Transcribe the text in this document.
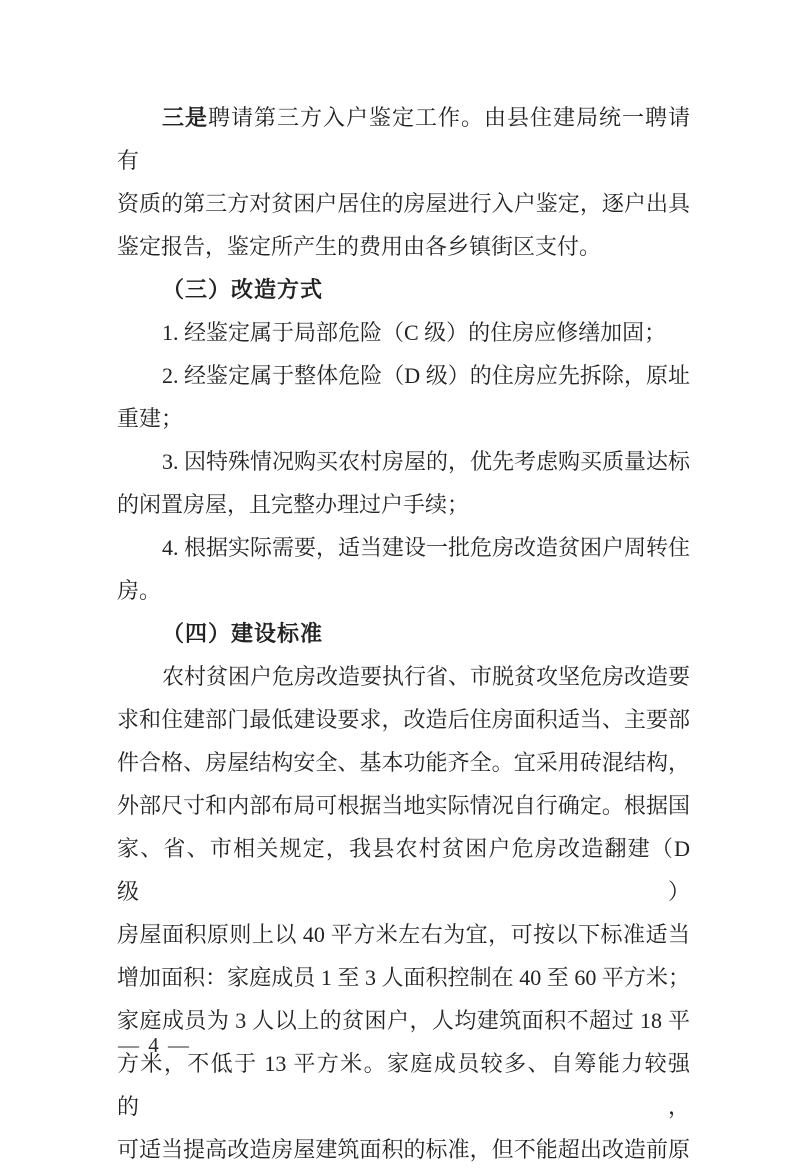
三是聘请第三方入户鉴定工作。由县住建局统一聘请有
资质的第三方对贫困户居住的房屋进行入户鉴定，逐户出具
鉴定报告，鉴定所产生的费用由各乡镇街区支付。
（三）改造方式
1. 经鉴定属于局部危险（C 级）的住房应修缮加固；
2. 经鉴定属于整体危险（D 级）的住房应先拆除，原址
重建；
3. 因特殊情况购买农村房屋的，优先考虑购买质量达标
的闲置房屋，且完整办理过户手续；
4. 根据实际需要，适当建设一批危房改造贫困户周转住
房。
（四）建设标准
农村贫困户危房改造要执行省、市脱贫攻坚危房改造要
求和住建部门最低建设要求，改造后住房面积适当、主要部
件合格、房屋结构安全、基本功能齐全。宜采用砖混结构，
外部尺寸和内部布局可根据当地实际情况自行确定。根据国
家、省、市相关规定，我县农村贫困户危房改造翻建（D 级）
房屋面积原则上以 40 平方米左右为宜，可按以下标准适当
增加面积：家庭成员 1 至 3 人面积控制在 40 至 60 平方米；
家庭成员为 3 人以上的贫困户，人均建筑面积不超过 18 平
方米，不低于 13 平方米。家庭成员较多、自筹能力较强的，
可适当提高改造房屋建筑面积的标准，但不能超出改造前原
— 4 —
